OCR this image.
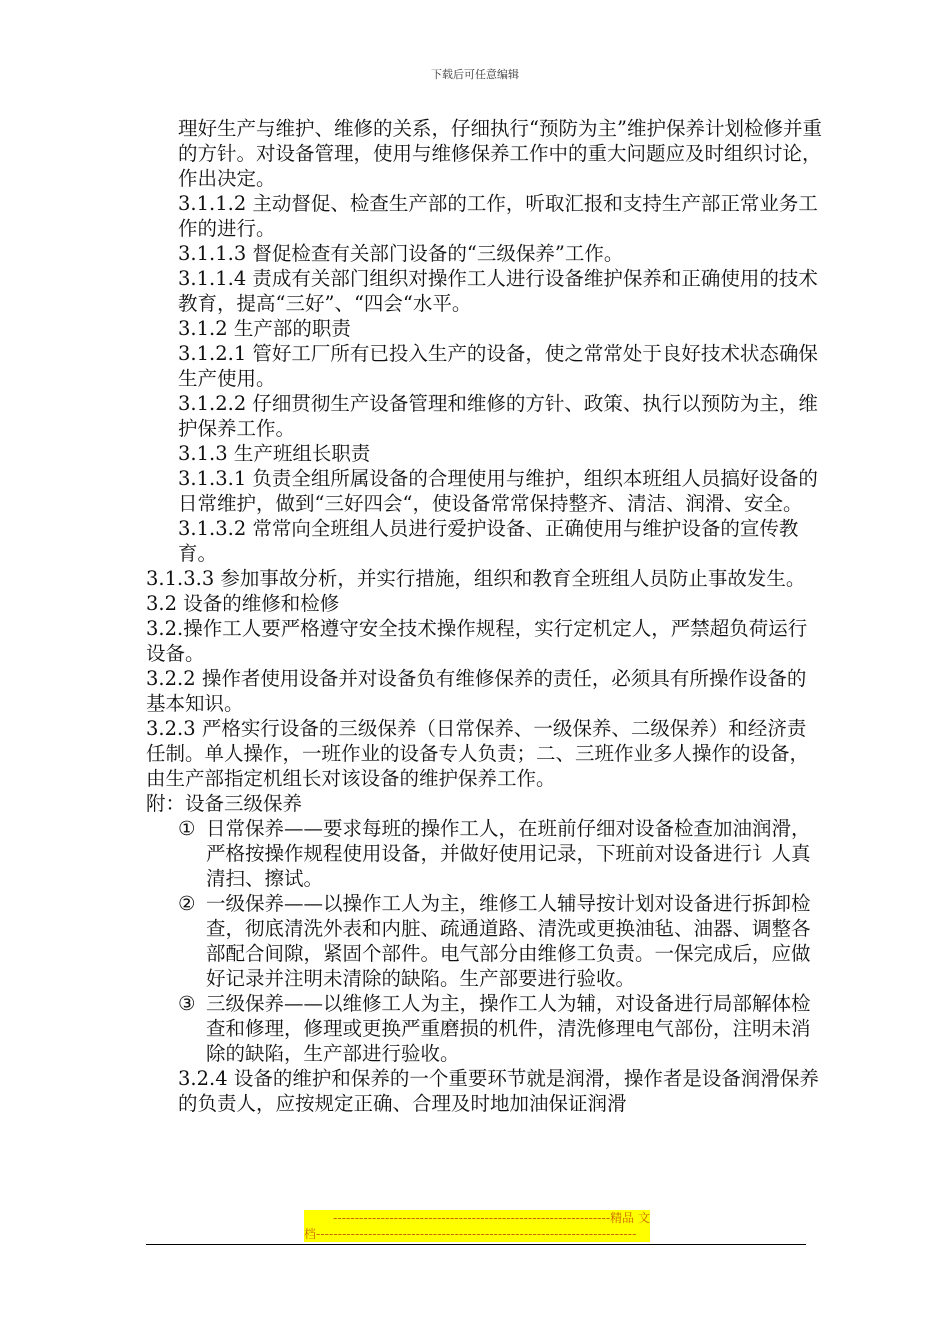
下载后可任意编辑

理好生产与维护、维修的关系，仔细执行“预防为主”维护保养计划检修并重的方针。对设备管理，使用与维修保养工作中的重大问题应及时组织讨论，作出决定。

3.1.1.2 主动督促、检查生产部的工作，听取汇报和支持生产部正常业务工作的进行。

3.1.1.3 督促检查有关部门设备的“三级保养”工作。

3.1.1.4 责成有关部门组织对操作工人进行设备维护保养和正确使用的技术教育，提高“三好”、“四会“水平。

3.1.2 生产部的职责

3.1.2.1 管好工厂所有已投入生产的设备，使之常常处于良好技术状态确保生产使用。

3.1.2.2 仔细贯彻生产设备管理和维修的方针、政策、执行以预防为主，维护保养工作。

3.1.3 生产班组长职责

3.1.3.1 负责全组所属设备的合理使用与维护，组织本班组人员搞好设备的日常维护，做到“三好四会“，使设备常常保持整齐、清洁、润滑、安全。

3.1.3.2 常常向全班组人员进行爱护设备、正确使用与维护设备的宣传教育。

3.1.3.3 参加事故分析，并实行措施，组织和教育全班组人员防止事故发生。

3.2 设备的维修和检修

3.2.操作工人要严格遵守安全技术操作规程，实行定机定人，严禁超负荷运行设备。

3.2.2 操作者使用设备并对设备负有维修保养的责任，必须具有所操作设备的基本知识。

3.2.3 严格实行设备的三级保养（日常保养、一级保养、二级保养）和经济责任制。单人操作，一班作业的设备专人负责；二、三班作业多人操作的设备，由生产部指定机组长对该设备的维护保养工作。

附：设备三级保养

① 日常保养——要求每班的操作工人，在班前仔细对设备检查加油润滑，严格按操作规程使用设备，并做好使用记录，下班前对设备进行讠人真清扫、擦试。

② 一级保养——以操作工人为主，维修工人辅导按计划对设备进行拆卸检查，彻底清洗外表和内脏、疏通道路、清洗或更换油毡、油器、调整各部配合间隙，紧固个部件。电气部分由维修工负责。一保完成后，应做好记录并注明未清除的缺陷。生产部要进行验收。

③ 三级保养——以维修工人为主，操作工人为辅，对设备进行局部解体检查和修理，修理或更换严重磨损的机件，清洗修理电气部份，注明未消除的缺陷，生产部进行验收。

3.2.4 设备的维护和保养的一个重要环节就是润滑，操作者是设备润滑保养的负责人，应按规定正确、合理及时地加油保证润滑

----------------------------------------------------------------精品 文
档--------------------------------------------------------------------------
